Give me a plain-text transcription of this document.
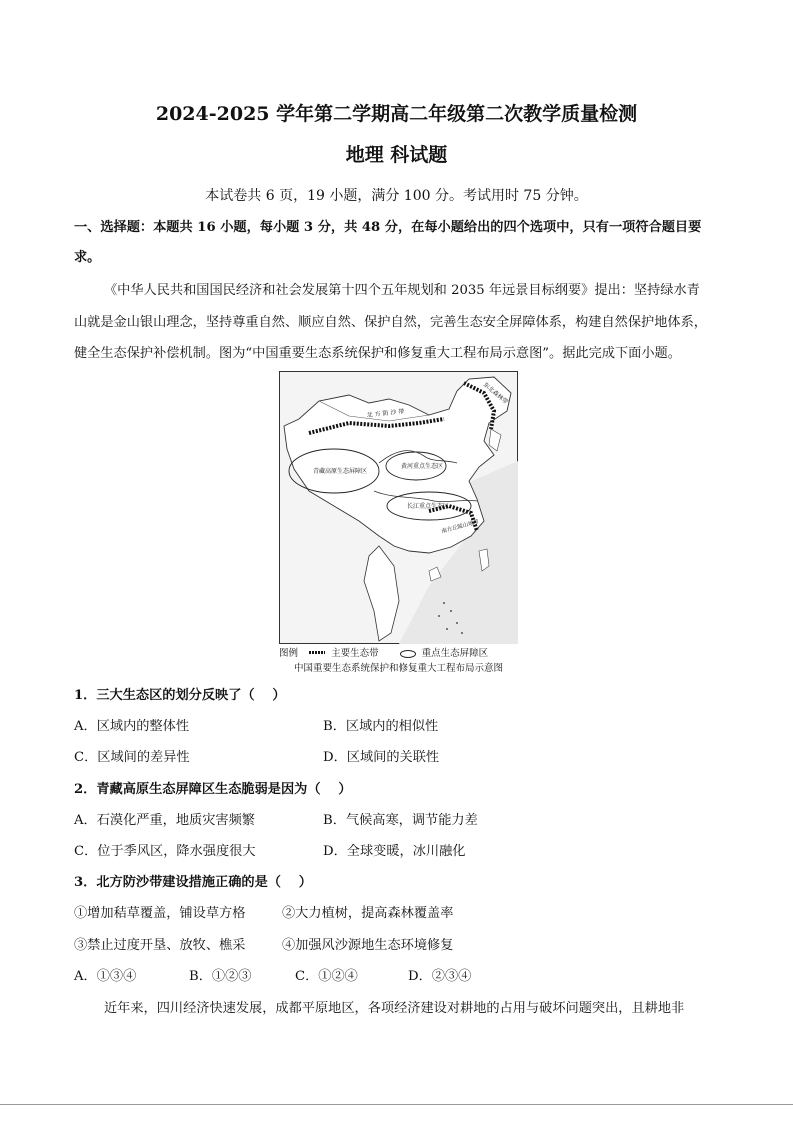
2024-2025 学年第二学期高二年级第二次教学质量检测
地理 科试题
本试卷共 6 页，19 小题，满分 100 分。考试用时 75 分钟。
一、选择题：本题共 16 小题，每小题 3 分，共 48 分，在每小题给出的四个选项中，只有一项符合题目要
求。
《中华人民共和国国民经济和社会发展第十四个五年规划和 2035 年远景目标纲要》提出：坚持绿水青
山就是金山银山理念，坚持尊重自然、顺应自然、保护自然，完善生态安全屏障体系，构建自然保护地体系，
健全生态保护补偿机制。图为“中国重要生态系统保护和修复重大工程布局示意图”。据此完成下面小题。
东北森林带
北 方 防 沙 带
青藏高原生态屏障区
黄河重点生态区
长江重点生态区
南方丘陵山地带
图例	主要生态带	重点生态屏障区
中国重要生态系统保护和修复重大工程布局示意图
1．三大生态区的划分反映了（　 ）
A．区域内的整体性	B．区域内的相似性
C．区域间的差异性	D．区域间的关联性
2．青藏高原生态屏障区生态脆弱是因为（　 ）
A．石漠化严重，地质灾害频繁	B．气候高寒，调节能力差
C．位于季风区，降水强度很大	D．全球变暖，冰川融化
3．北方防沙带建设措施正确的是（　 ）
①增加秸草覆盖，铺设草方格	②大力植树，提高森林覆盖率
③禁止过度开垦、放牧、樵采	④加强风沙源地生态环境修复
A．①③④	B．①②③	C．①②④	D．②③④
近年来，四川经济快速发展，成都平原地区，各项经济建设对耕地的占用与破坏问题突出，且耕地非
